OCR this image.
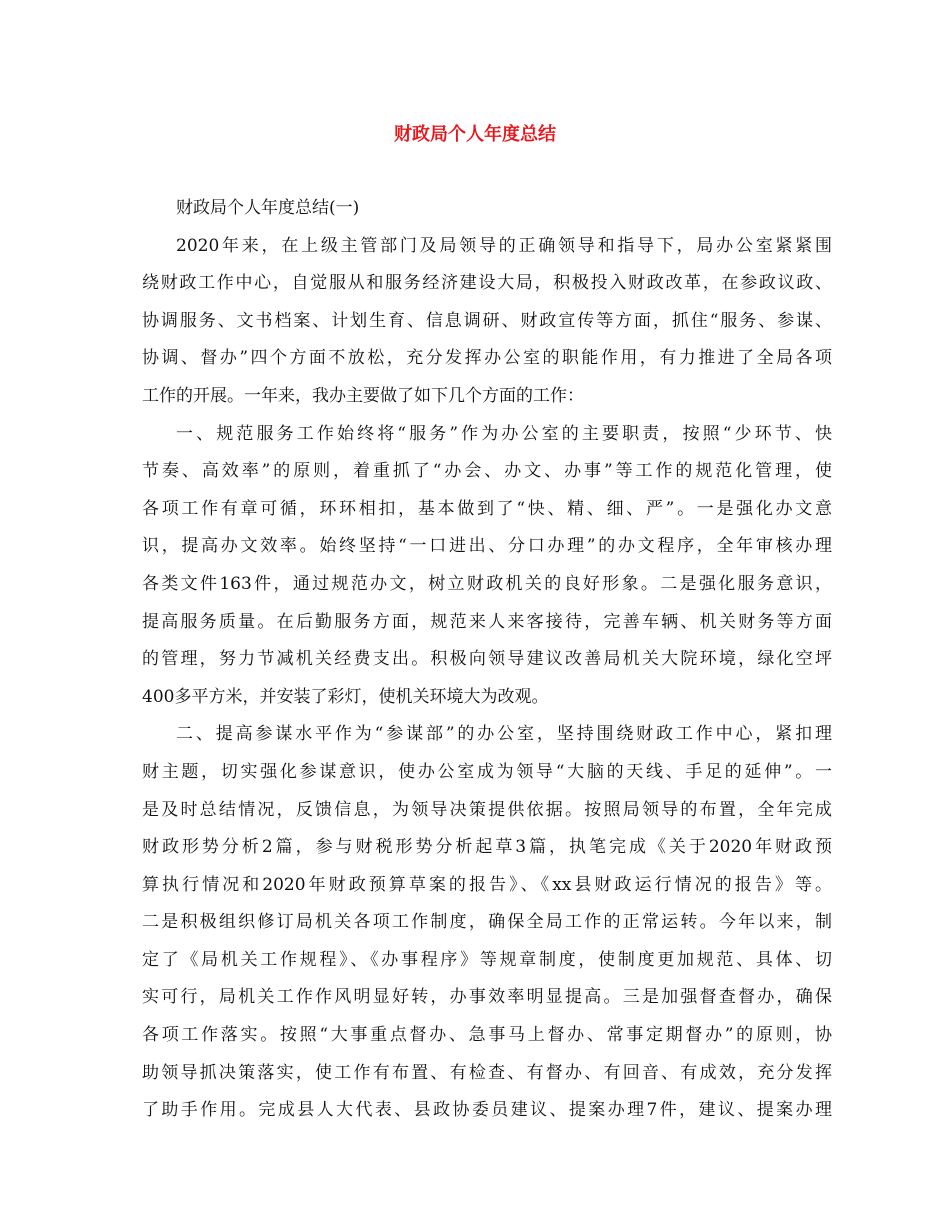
财政局个人年度总结
财政局个人年度总结(一)
2020年来，在上级主管部门及局领导的正确领导和指导下，局办公室紧紧围
绕财政工作中心，自觉服从和服务经济建设大局，积极投入财政改革，在参政议政、
协调服务、文书档案、计划生育、信息调研、财政宣传等方面，抓住“服务、参谋、
协调、督办”四个方面不放松，充分发挥办公室的职能作用，有力推进了全局各项
工作的开展。一年来，我办主要做了如下几个方面的工作：
一、规范服务工作始终将“服务”作为办公室的主要职责，按照“少环节、快
节奏、高效率”的原则，着重抓了“办会、办文、办事”等工作的规范化管理，使
各项工作有章可循，环环相扣，基本做到了“快、精、细、严”。一是强化办文意
识，提高办文效率。始终坚持“一口进出、分口办理”的办文程序，全年审核办理
各类文件163件，通过规范办文，树立财政机关的良好形象。二是强化服务意识，
提高服务质量。在后勤服务方面，规范来人来客接待，完善车辆、机关财务等方面
的管理，努力节减机关经费支出。积极向领导建议改善局机关大院环境，绿化空坪
400多平方米，并安装了彩灯，使机关环境大为改观。
二、提高参谋水平作为“参谋部”的办公室，坚持围绕财政工作中心，紧扣理
财主题，切实强化参谋意识，使办公室成为领导“大脑的天线、手足的延伸”。一
是及时总结情况，反馈信息，为领导决策提供依据。按照局领导的布置，全年完成
财政形势分析2篇，参与财税形势分析起草3篇，执笔完成《关于2020年财政预
算执行情况和2020年财政预算草案的报告》、《xx县财政运行情况的报告》等。
二是积极组织修订局机关各项工作制度，确保全局工作的正常运转。今年以来，制
定了《局机关工作规程》、《办事程序》等规章制度，使制度更加规范、具体、切
实可行，局机关工作作风明显好转，办事效率明显提高。三是加强督查督办，确保
各项工作落实。按照“大事重点督办、急事马上督办、常事定期督办”的原则，协
助领导抓决策落实，使工作有布置、有检查、有督办、有回音、有成效，充分发挥
了助手作用。完成县人大代表、县政协委员建议、提案办理7件，建议、提案办理
